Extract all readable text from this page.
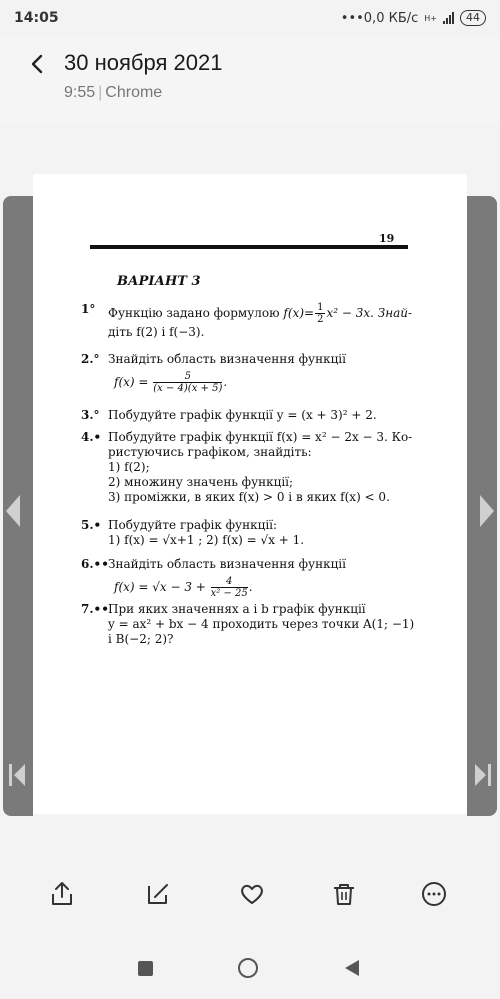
14:05	•••0,0 КБ/с H+	44
30 ноября 2021
9:55 | Chrome
19
ВАРІАНТ 3
1° Функцію задано формулою $f(x)= \frac{1}{2} x^2 - 3x$. Знай-
діть f(2) і f(−3).
2.° Знайдіть область визначення функції
$f(x) = \frac{5}{(x - 4)(x + 5)}$ .
3.° Побудуйте графік функції y = (x + 3)² + 2.
4.• Побудуйте графік функції f(x) = x² − 2x − 3. Ко-
ристуючись графіком, знайдіть:
1) f(2);
2) множину значень функції;
3) проміжки, в яких f(x) > 0 і в яких f(x) < 0.
5.• Побудуйте графік функції:
1) f(x) = √x+1 ; 2) f(x) = √x + 1.
6.•• Знайдіть область визначення функції
$f(x) = √x - 3 + \frac{4}{\text{x² − 25}}$ .
7.•• При яких значеннях a і b графік функції
y = ax² + bx − 4 проходить через точки A(1; −1)
і B(−2; 2)?
